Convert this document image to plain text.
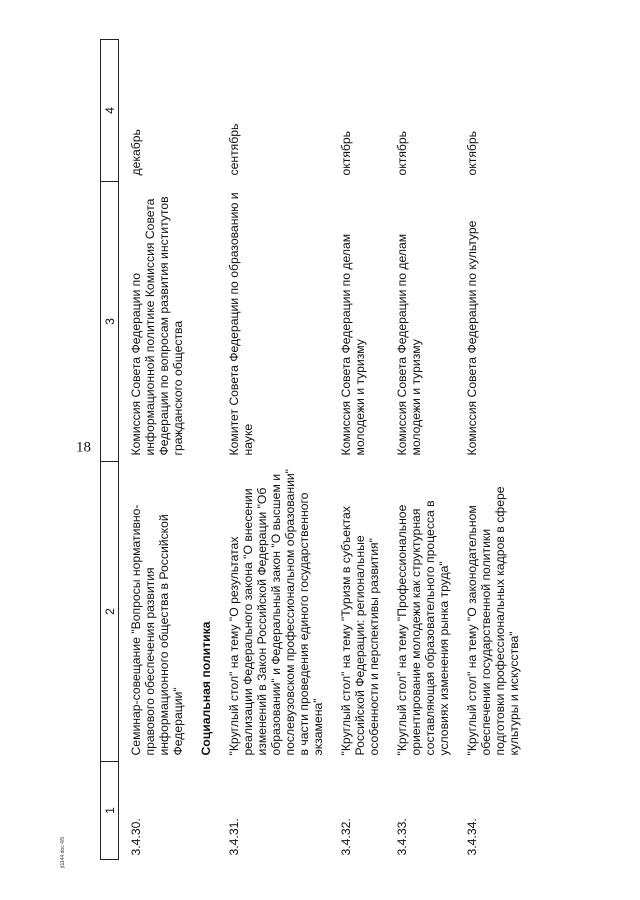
18
1	2	3	4
3.4.30.	Семинар-совещание "Вопросы нормативно-правового обеспечения развития информационного общества в Российской Федерации"	Комиссия Совета Федерации по информационной политике Комиссия Совета Федерации по вопросам развития институтов гражданского общества	декабрь
	Социальная политика		
3.4.31.	"Круглый стол" на тему "О результатах реализации Федерального закона "О внесении изменений в Закон Российской Федерации "Об образовании" и Федеральный закон "О высшем и послевузовском профессиональном образовании" в части проведения единого государственного экзамена"	Комитет Совета Федерации по образованию и науке	сентябрь
3.4.32.	"Круглый стол" на тему "Туризм в субъектах Российской Федерации: региональные особенности и перспективы развития"	Комиссия Совета Федерации по делам молодежи и туризму	октябрь
3.4.33.	"Круглый стол" на тему "Профессиональное ориентирование молодежи как структурная составляющая образовательного процесса в условиях изменения рынка труда"	Комиссия Совета Федерации по делам молодежи и туризму	октябрь
3.4.34.	"Круглый стол" на тему "О законодательном обеспечении государственной политики подготовки профессиональных кадров в сфере культуры и искусства"	Комиссия Совета Федерации по культуре	октябрь
jt1144.doc 4/5
